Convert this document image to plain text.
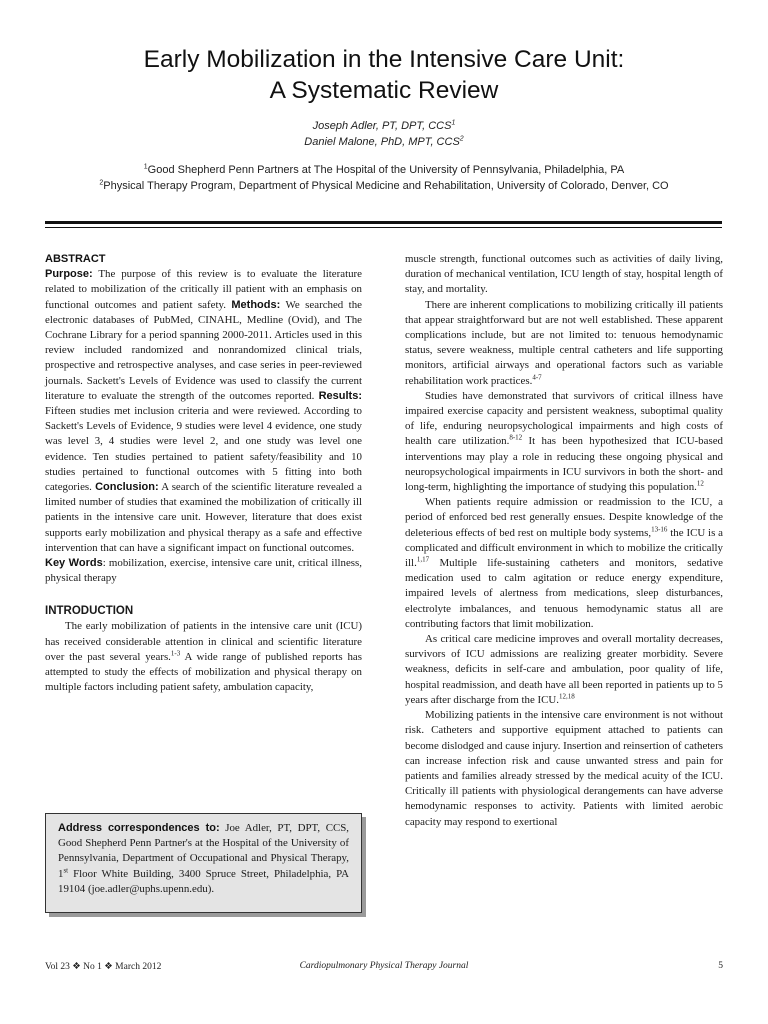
Early Mobilization in the Intensive Care Unit:
A Systematic Review
Joseph Adler, PT, DPT, CCS$^1$
Daniel Malone, PhD, MPT, CCS$^2$
$^1$Good Shepherd Penn Partners at The Hospital of the University of Pennsylvania, Philadelphia, PA
$^2$Physical Therapy Program, Department of Physical Medicine and Rehabilitation, University of Colorado, Denver, CO
ABSTRACT

Purpose: The purpose of this review is to evaluate the literature related to mobilization of the critically ill patient with an emphasis on functional outcomes and patient safety. Methods: We searched the electronic databases of PubMed, CINAHL, Medline (Ovid), and The Cochrane Library for a period spanning 2000-2011. Articles used in this review included randomized and nonrandomized clinical trials, prospective and retrospective analyses, and case series in peer-reviewed journals. Sackett's Levels of Evidence was used to classify the current literature to evaluate the strength of the outcomes reported. Results: Fifteen studies met inclusion criteria and were reviewed. According to Sackett's Levels of Evidence, 9 studies were level 4 evidence, one study was level 3, 4 studies were level 2, and one study was level one evidence. Ten studies pertained to patient safety/feasibility and 10 studies pertained to functional outcomes with 5 fitting into both categories. Conclusion: A search of the scientific literature revealed a limited number of studies that examined the mobilization of critically ill patients in the intensive care unit. However, literature that does exist supports early mobilization and physical therapy as a safe and effective intervention that can have a significant impact on functional outcomes.

Key Words: mobilization, exercise, intensive care unit, critical illness, physical therapy

INTRODUCTION

The early mobilization of patients in the intensive care unit (ICU) has received considerable attention in clinical and scientific literature over the past several years.$^{1-3}$ A wide range of published reports has attempted to study the effects of mobilization and physical therapy on multiple factors including patient safety, ambulation capacity,

Address correspondences to: Joe Adler, PT, DPT, CCS, Good Shepherd Penn Partner's at the Hospital of the University of Pennsylvania, Department of Occupational and Physical Therapy, 1st Floor White Building, 3400 Spruce Street, Philadelphia, PA 19104 (joe.adler@uphs.upenn.edu).

muscle strength, functional outcomes such as activities of daily living, duration of mechanical ventilation, ICU length of stay, hospital length of stay, and mortality.

There are inherent complications to mobilizing critically ill patients that appear straightforward but are not well established. These apparent complications include, but are not limited to: tenuous hemodynamic status, severe weakness, multiple central catheters and life supporting monitors, artificial airways and operational factors such as variable rehabilitation work practices.$^{4-7}$

Studies have demonstrated that survivors of critical illness have impaired exercise capacity and persistent weakness, suboptimal quality of life, enduring neuropsychological impairments and high costs of health care utilization.$^{8-12}$ It has been hypothesized that ICU-based interventions may play a role in reducing these ongoing physical and neuropsychological impairments in ICU survivors in both the short- and long-term, highlighting the importance of studying this population.$^{12}$

When patients require admission or readmission to the ICU, a period of enforced bed rest generally ensues. Despite knowledge of the deleterious effects of bed rest on multiple body systems,$^{13-16}$ the ICU is a complicated and difficult environment in which to mobilize the critically ill.$^{1,17}$ Multiple life-sustaining catheters and monitors, sedative medication used to calm agitation or reduce energy expenditure, impaired levels of alertness from medications, sleep disturbances, electrolyte imbalances, and tenuous hemodynamic status all are contributing factors that limit mobilization.

As critical care medicine improves and overall mortality decreases, survivors of ICU admissions are realizing greater morbidity. Severe weakness, deficits in self-care and ambulation, poor quality of life, hospital readmission, and death have all been reported in patients up to 5 years after discharge from the ICU.$^{12,18}$

Mobilizing patients in the intensive care environment is not without risk. Catheters and supportive equipment attached to patients can become dislodged and cause injury. Insertion and reinsertion of catheters can increase infection risk and cause unwanted stress and pain for patients and families already stressed by the medical acuity of the ICU. Critically ill patients with physiological derangements can have adverse hemodynamic responses to activity. Patients with limited aerobic capacity may respond to exertional

Vol 23 ❖ No 1 ❖ March 2012	Cardiopulmonary Physical Therapy Journal	5
